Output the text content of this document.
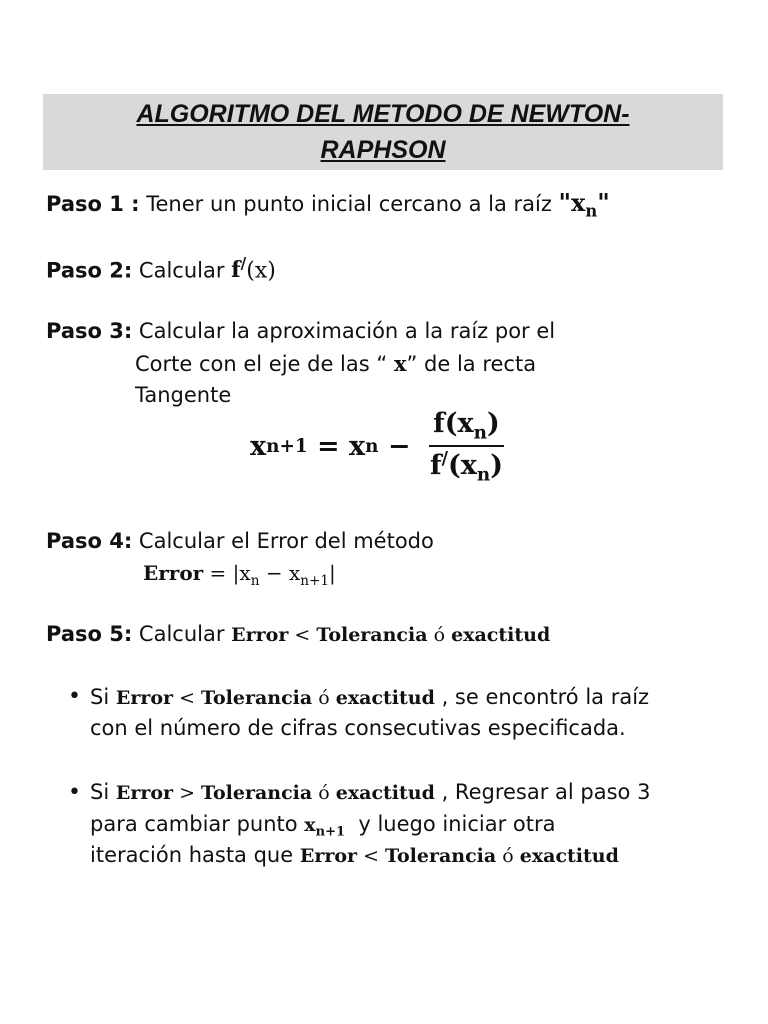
ALGORITMO DEL METODO DE NEWTON-
RAPHSON
Paso 1 : Tener un punto inicial cercano a la raíz "$x_n$"
Paso 2: Calcular f/(x)
Paso 3: Calcular la aproximación a la raíz por el
Corte con el eje de las “ x” de la recta
Tangente
x n+1 = x $n - \frac{f(x_n)}{f^/(x_n)}$
Paso 4: Calcular el Error del método
Error = $|x_n - x_{n+1}|$
Paso 5: Calcular Error < Tolerancia ó exactitud
• Si Error < Tolerancia ó exactitud , se encontró la raíz
con el número de cifras consecutivas especificada.
• Si Error > Tolerancia ó exactitud , Regresar al paso 3
para cambiar punto $x_{n+1}$  y luego iniciar otra
iteración hasta que Error < Tolerancia ó exactitud
